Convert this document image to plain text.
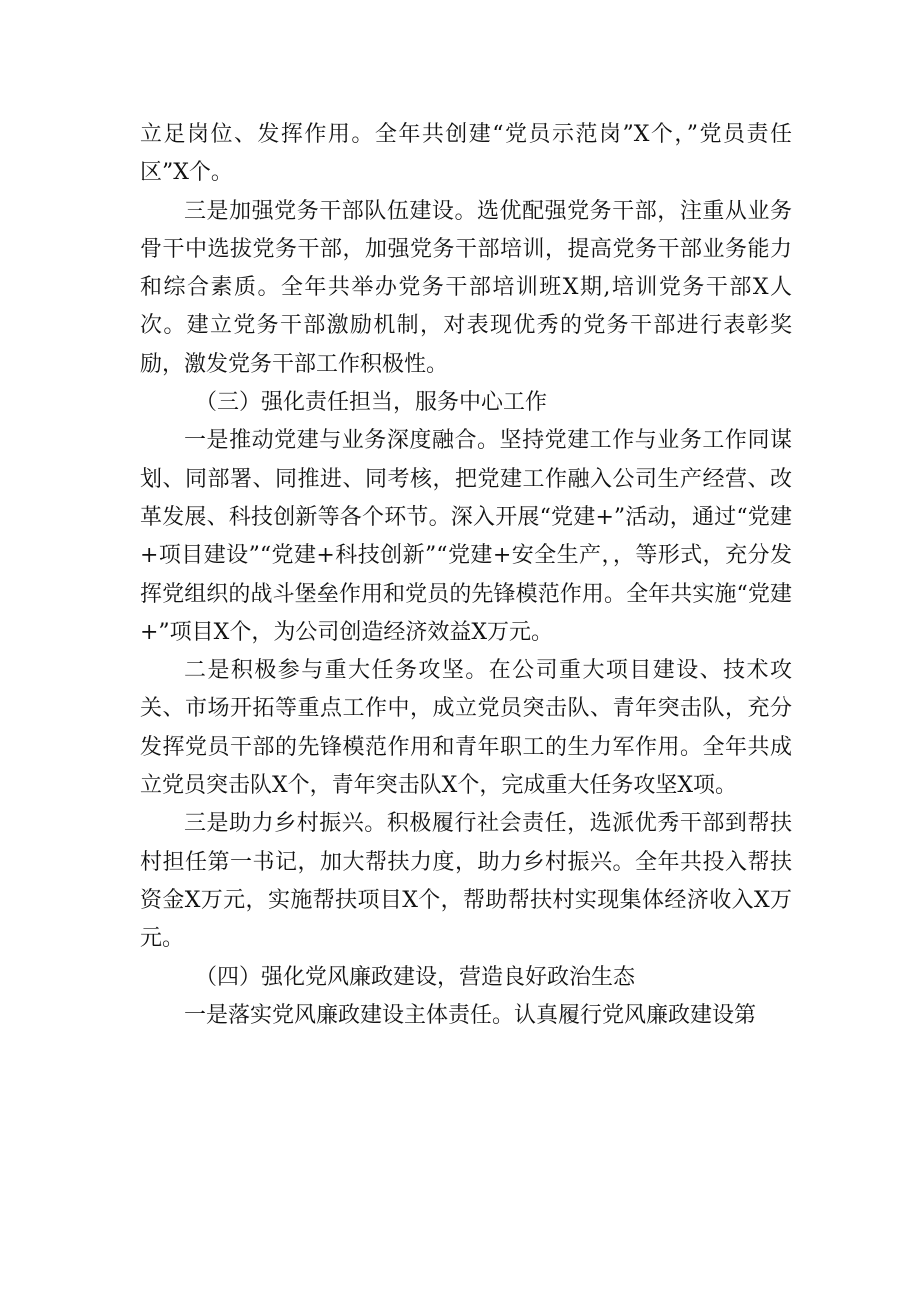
立足岗位、发挥作用。全年共创建“党员示范岗”X个，”党员责任区”X个。

三是加强党务干部队伍建设。选优配强党务干部，注重从业务骨干中选拔党务干部，加强党务干部培训，提高党务干部业务能力和综合素质。全年共举办党务干部培训班X期,培训党务干部X人次。建立党务干部激励机制，对表现优秀的党务干部进行表彰奖励，激发党务干部工作积极性。

（三）强化责任担当，服务中心工作

一是推动党建与业务深度融合。坚持党建工作与业务工作同谋划、同部署、同推进、同考核，把党建工作融入公司生产经营、改革发展、科技创新等各个环节。深入开展“党建+”活动，通过“党建+项目建设”“党建+科技创新”“党建+安全生产，，等形式，充分发挥党组织的战斗堡垒作用和党员的先锋模范作用。全年共实施“党建+”项目X个，为公司创造经济效益X万元。

二是积极参与重大任务攻坚。在公司重大项目建设、技术攻关、市场开拓等重点工作中，成立党员突击队、青年突击队，充分发挥党员干部的先锋模范作用和青年职工的生力军作用。全年共成立党员突击队X个，青年突击队X个，完成重大任务攻坚X项。

三是助力乡村振兴。积极履行社会责任，选派优秀干部到帮扶村担任第一书记，加大帮扶力度，助力乡村振兴。全年共投入帮扶资金X万元，实施帮扶项目X个，帮助帮扶村实现集体经济收入X万元。

（四）强化党风廉政建设，营造良好政治生态

一是落实党风廉政建设主体责任。认真履行党风廉政建设第
